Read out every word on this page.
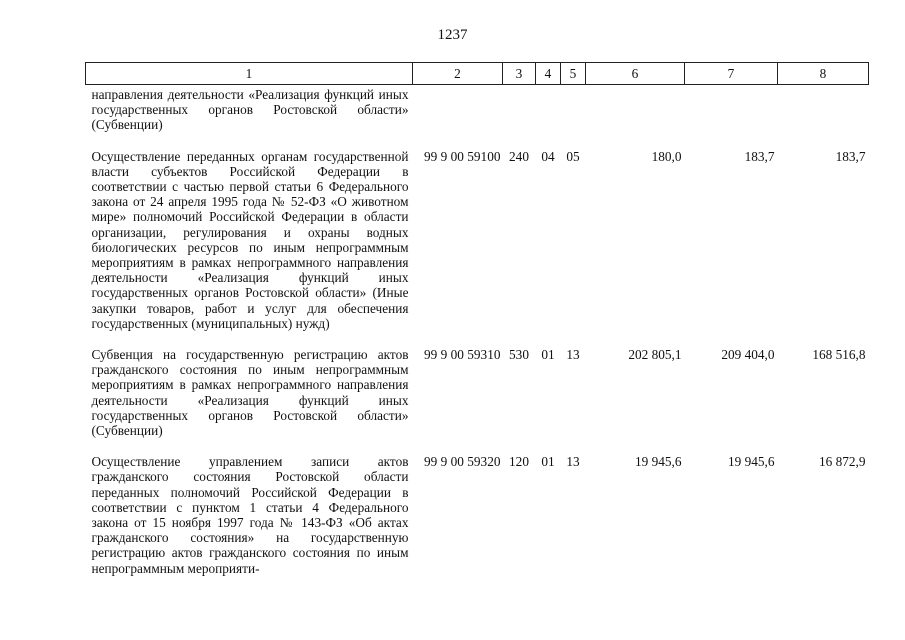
1237
1	2	3	4	5	6	7	8
направления деятельности «Реализация функций иных государственных органов Ростовской области» (Субвенции)							
Осуществление переданных органам государственной власти субъектов Российской Федерации в соответствии с частью первой статьи 6 Федерального закона от 24 апреля 1995 года № 52-ФЗ «О животном мире» полномочий Российской Федерации в области организации, регулирования и охраны водных биологических ресурсов по иным непрограммным мероприятиям в рамках непрограммного направления деятельности «Реализация функций иных государственных органов Ростовской области» (Иные закупки товаров, работ и услуг для обеспечения государственных (муниципальных) нужд)	99 9 00 59100	240	04	05	180,0	183,7	183,7
Субвенция на государственную регистрацию актов гражданского состояния по иным непрограммным мероприятиям в рамках непрограммного направления деятельности «Реализация функций иных государственных органов Ростовской области» (Субвенции)	99 9 00 59310	530	01	13	202 805,1	209 404,0	168 516,8
Осуществление управлением записи актов гражданского состояния Ростовской области переданных полномочий Российской Федерации в соответствии с пунктом 1 статьи 4 Федерального закона от 15 ноября 1997 года № 143-ФЗ «Об актах гражданского состояния» на государственную регистрацию актов гражданского состояния по иным непрограммным мероприяти-	99 9 00 59320	120	01	13	19 945,6	19 945,6	16 872,9
